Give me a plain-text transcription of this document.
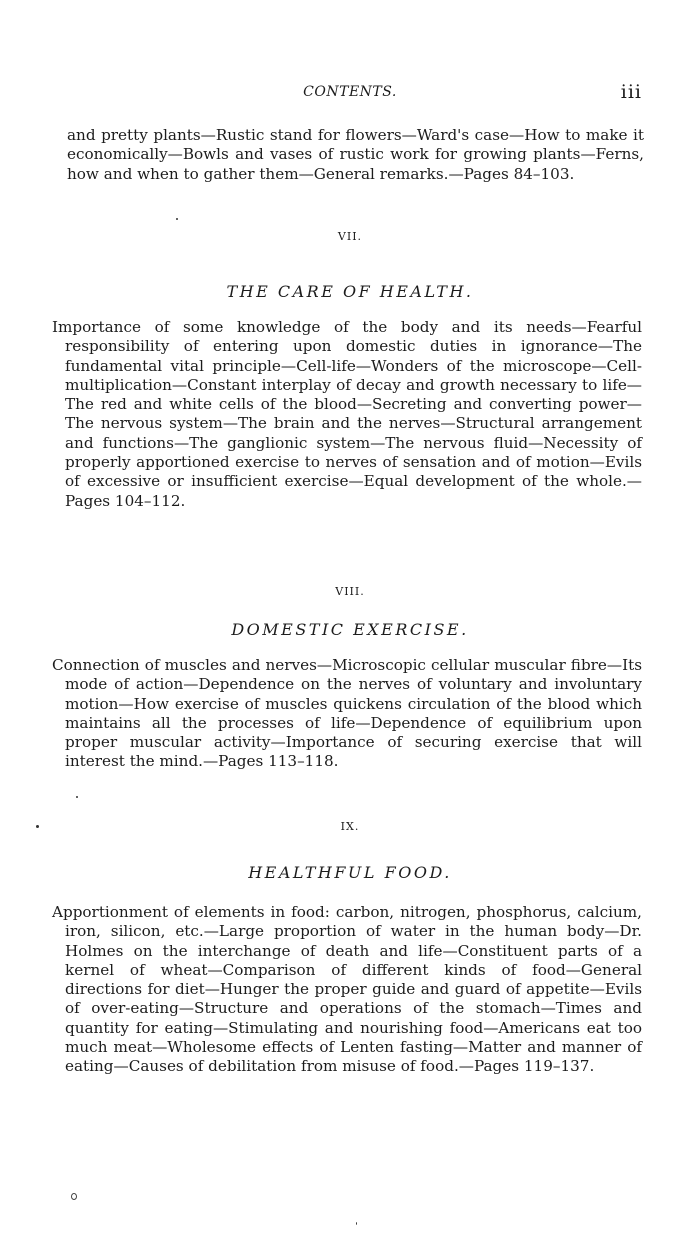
CONTENTS.	iii

and pretty plants—Rustic stand for flowers—Ward's case—How to make it economically—Bowls and vases of rustic work for growing plants—Ferns, how and when to gather them—General remarks.—Pages 84–103.

VII.
THE CARE OF HEALTH.

Importance of some knowledge of the body and its needs—Fearful responsibility of entering upon domestic duties in ignorance—The fundamental vital principle—Cell-life—Wonders of the microscope—Cell-multiplication—Constant interplay of decay and growth necessary to life—The red and white cells of the blood—Secreting and converting power—The nervous system—The brain and the nerves—Structural arrangement and functions—The ganglionic system—The nervous fluid—Necessity of properly apportioned exercise to nerves of sensation and of motion—Evils of excessive or insufficient exercise—Equal development of the whole.—Pages 104–112.

VIII.
DOMESTIC EXERCISE.

Connection of muscles and nerves—Microscopic cellular muscular fibre—Its mode of action—Dependence on the nerves of voluntary and involuntary motion—How exercise of muscles quickens circulation of the blood which maintains all the processes of life—Dependence of equilibrium upon proper muscular activity—Importance of securing exercise that will interest the mind.—Pages 113–118.

IX.
HEALTHFUL FOOD.

Apportionment of elements in food: carbon, nitrogen, phosphorus, calcium, iron, silicon, etc.—Large proportion of water in the human body—Dr. Holmes on the interchange of death and life—Constituent parts of a kernel of wheat—Comparison of different kinds of food—General directions for diet—Hunger the proper guide and guard of appetite—Evils of over-eating—Structure and operations of the stomach—Times and quantity for eating—Stimulating and nourishing food—Americans eat too much meat—Wholesome effects of Lenten fasting—Matter and manner of eating—Causes of debilitation from misuse of food.—Pages 119–137.
